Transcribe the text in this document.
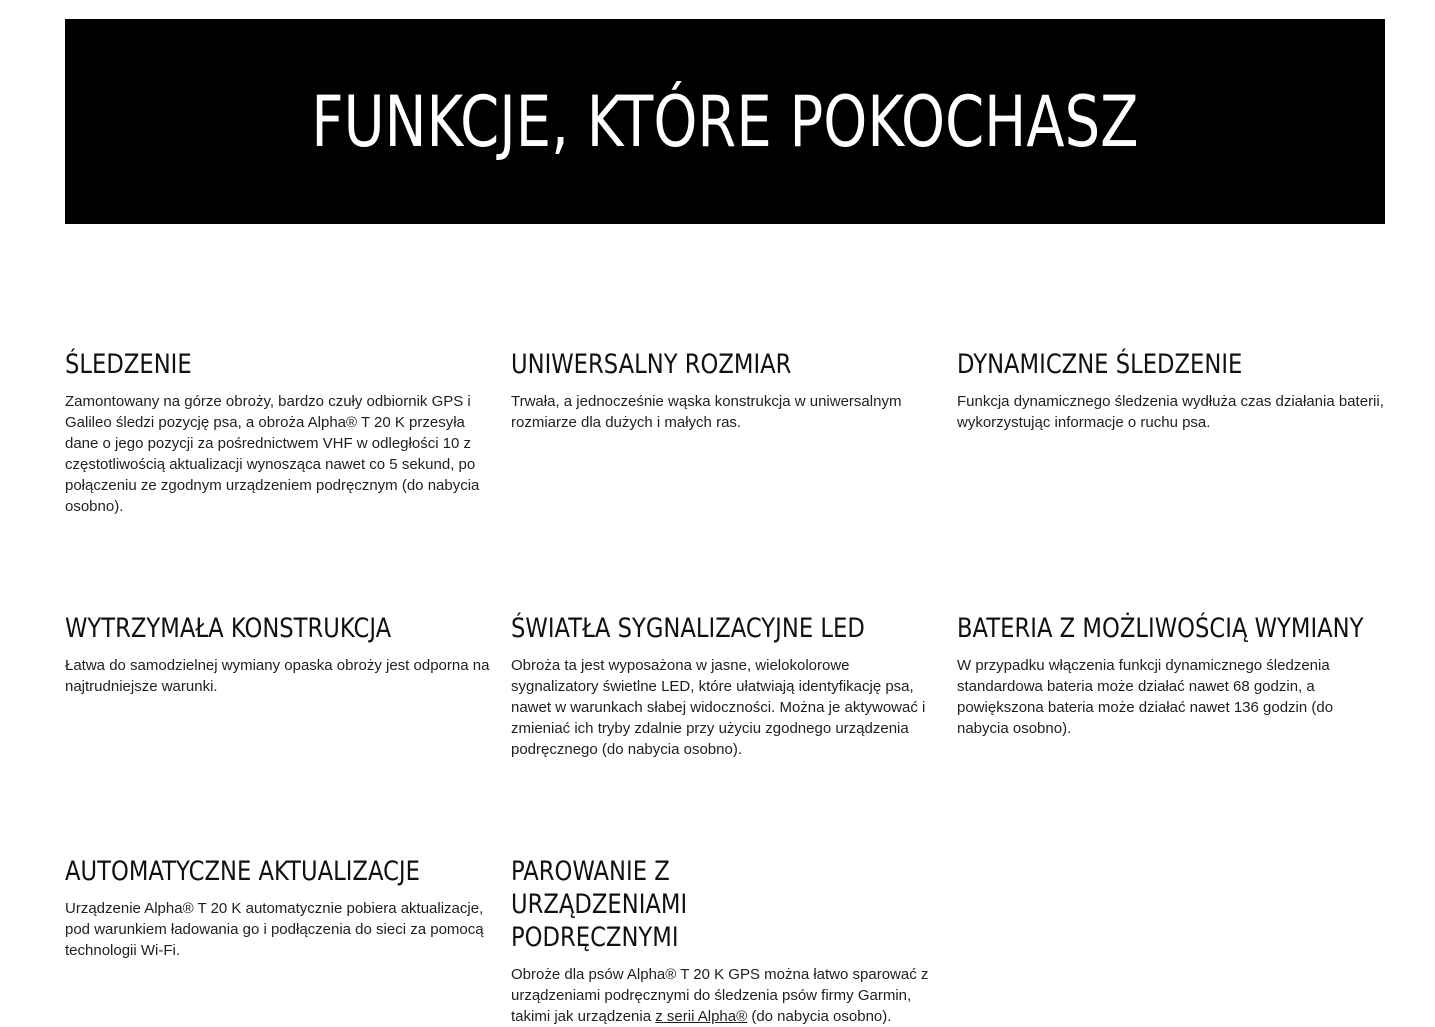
FUNKCJE, KTÓRE POKOCHASZ
ŚLEDZENIE

Zamontowany na górze obroży, bardzo czuły odbiornik GPS i Galileo śledzi pozycję psa, a obroża Alpha® T 20 K przesyła dane o jego pozycji za pośrednictwem VHF w odległości 10 z częstotliwością aktualizacji wynosząca nawet co 5 sekund, po połączeniu ze zgodnym urządzeniem podręcznym (do nabycia osobno).

UNIWERSALNY ROZMIAR

Trwała, a jednocześnie wąska konstrukcja w uniwersalnym rozmiarze dla dużych i małych ras.

DYNAMICZNE ŚLEDZENIE

Funkcja dynamicznego śledzenia wydłuża czas działania baterii, wykorzystując informacje o ruchu psa.

WYTRZYMAŁA KONSTRUKCJA

Łatwa do samodzielnej wymiany opaska obroży jest odporna na najtrudniejsze warunki.

ŚWIATŁA SYGNALIZACYJNE LED

Obroża ta jest wyposażona w jasne, wielokolorowe sygnalizatory świetlne LED, które ułatwiają identyfikację psa, nawet w warunkach słabej widoczności. Można je aktywować i zmieniać ich tryby zdalnie przy użyciu zgodnego urządzenia podręcznego (do nabycia osobno).

BATERIA Z MOŻLIWOŚCIĄ WYMIANY

W przypadku włączenia funkcji dynamicznego śledzenia standardowa bateria może działać nawet 68 godzin, a powiększona bateria może działać nawet 136 godzin (do nabycia osobno).

AUTOMATYCZNE AKTUALIZACJE

Urządzenie Alpha® T 20 K automatycznie pobiera aktualizacje, pod warunkiem ładowania go i podłączenia do sieci za pomocą technologii Wi-Fi.

PAROWANIE Z URZĄDZENIAMI PODRĘCZNYMI

Obroże dla psów Alpha® T 20 K GPS można łatwo sparować z urządzeniami podręcznymi do śledzenia psów firmy Garmin, takimi jak urządzenia z serii Alpha® (do nabycia osobno).
